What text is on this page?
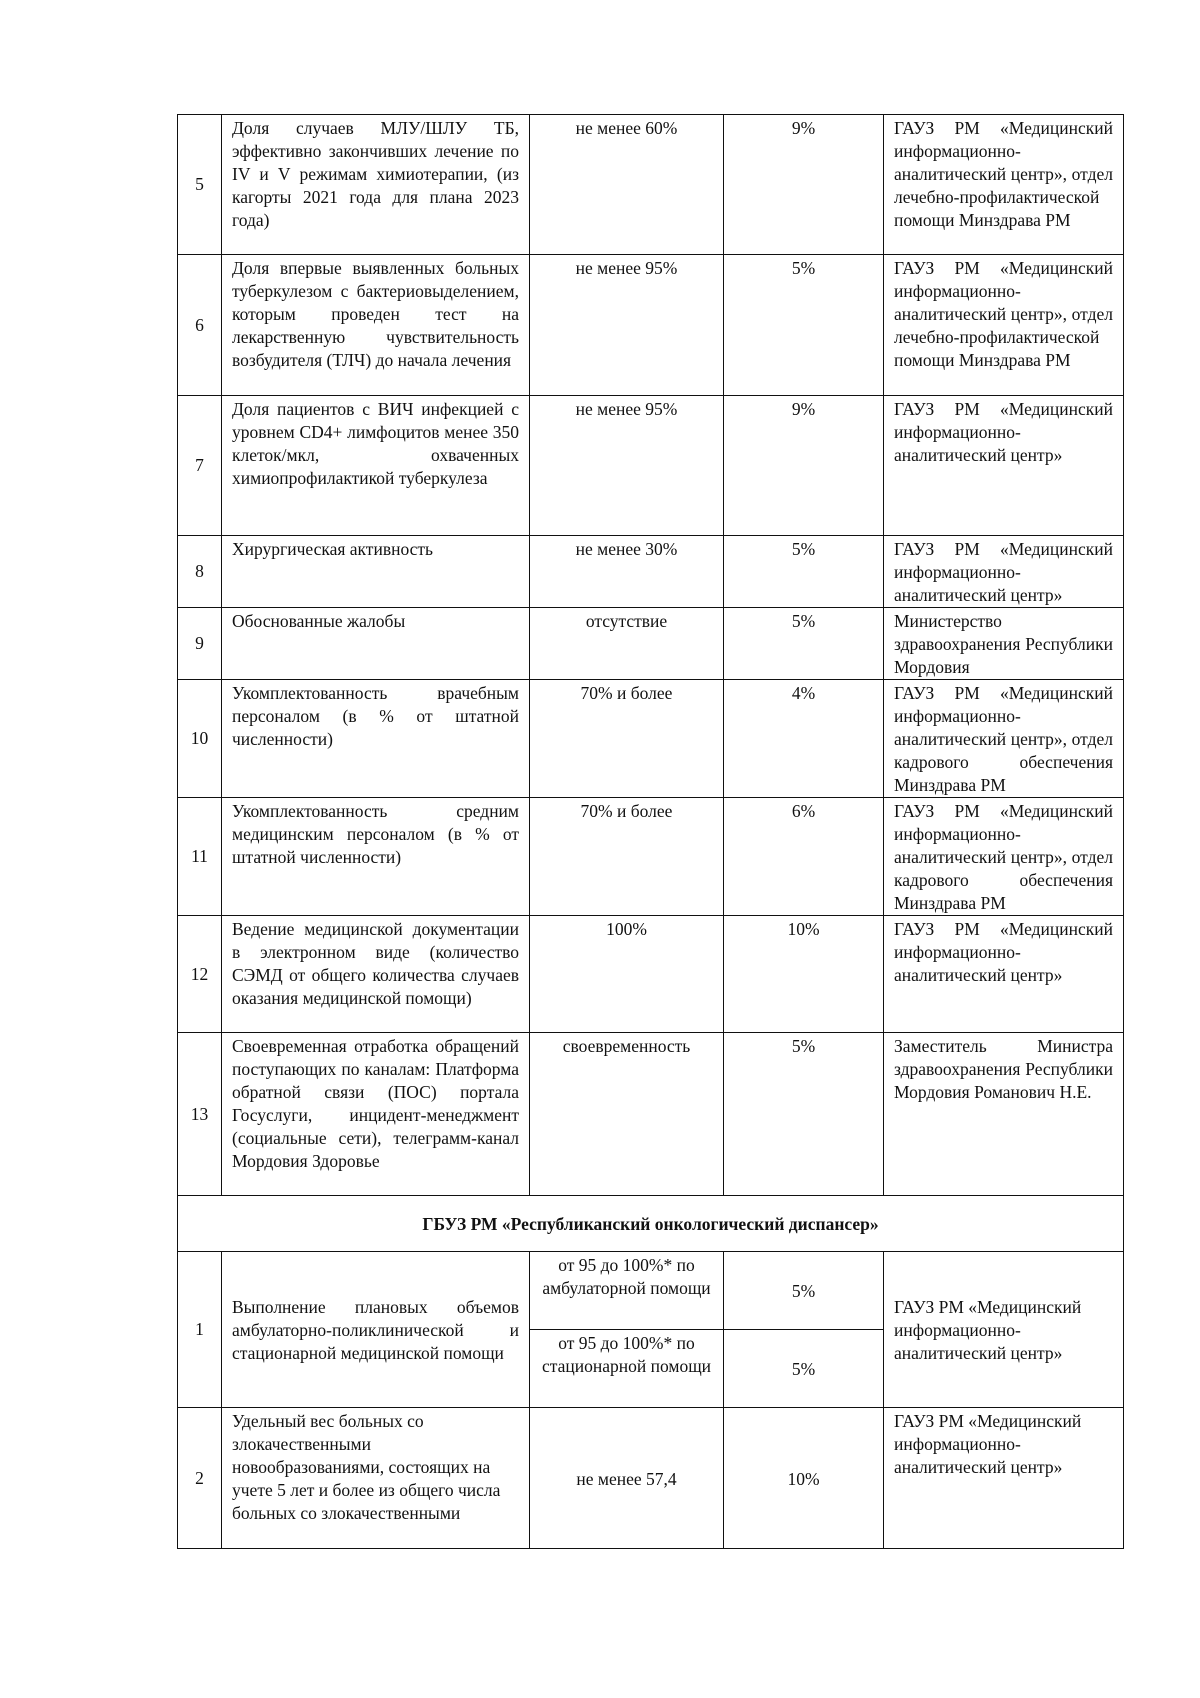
5	Доля случаев МЛУ/ШЛУ ТБ, эффективно закончивших лечение по IV и V режимам химиотерапии, (из кагорты 2021 года для плана 2023 года)	не менее 60%	9%	ГАУЗ РМ «Медицинский информационно-аналитический центр», отдел лечебно-профилактической помощи Минздрава РМ
6	Доля впервые выявленных больных туберкулезом с бактериовыделением, которым проведен тест на лекарственную чувствительность возбудителя (ТЛЧ) до начала лечения	не менее 95%	5%	ГАУЗ РМ «Медицинский информационно-аналитический центр», отдел лечебно-профилактической помощи Минздрава РМ
7	Доля пациентов с ВИЧ инфекцией с уровнем CD4+ лимфоцитов менее 350 клеток/мкл, охваченных химиопрофилактикой туберкулеза	не менее 95%	9%	ГАУЗ РМ «Медицинский информационно-аналитический центр»
8	Хирургическая активность	не менее 30%	5%	ГАУЗ РМ «Медицинский информационно-аналитический центр»
9	Обоснованные жалобы	отсутствие	5%	Министерство здравоохранения Республики Мордовия
10	Укомплектованность врачебным персоналом (в % от штатной численности)	70% и более	4%	ГАУЗ РМ «Медицинский информационно-аналитический центр», отдел кадрового обеспечения Минздрава РМ
11	Укомплектованность средним медицинским персоналом (в % от штатной численности)	70% и более	6%	ГАУЗ РМ «Медицинский информационно-аналитический центр», отдел кадрового обеспечения Минздрава РМ
12	Ведение медицинской документации в электронном виде (количество СЭМД от общего количества случаев оказания медицинской помощи)	100%	10%	ГАУЗ РМ «Медицинский информационно-аналитический центр»
13	Своевременная отработка обращений поступающих по каналам: Платформа обратной связи (ПОС) портала Госуслуги, инцидент-менеджмент (социальные сети), телеграмм-канал Мордовия Здоровье	своевременность	5%	Заместитель Министра здравоохранения Республики Мордовия Романович Н.Е.
ГБУЗ РМ «Республиканский онкологический диспансер»				
1	Выполнение плановых объемов амбулаторно-поликлинической и стационарной медицинской помощи	от 95 до 100%* по амбулаторной помощи	5%	ГАУЗ РМ «Медицинский информационно-аналитический центр»
		от 95 до 100%* по стационарной помощи	5%	
2	Удельный вес больных со злокачественными новообразованиями, состоящих на учете 5 лет и более из общего числа больных со злокачественными	не менее 57,4	10%	ГАУЗ РМ «Медицинский информационно-аналитический центр»
